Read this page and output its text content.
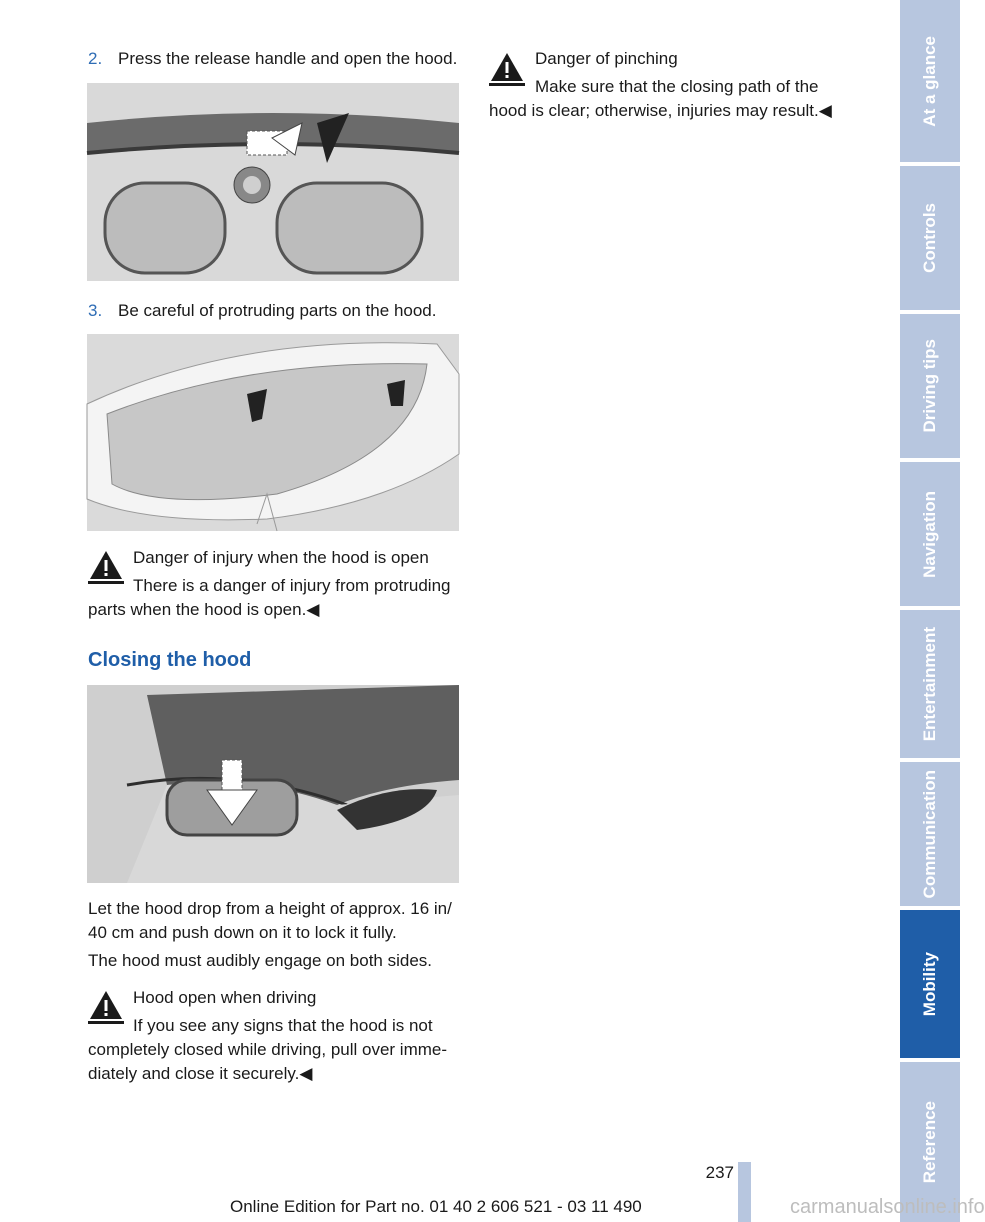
2. Press the release handle and open the hood.
3. Be careful of protruding parts on the hood.
Danger of injury when the hood is open
There is a danger of injury from protruding
parts when the hood is open.◀
Closing the hood
Let the hood drop from a height of approx. 16 in/
40 cm and push down on it to lock it fully.
The hood must audibly engage on both sides.
Hood open when driving
If you see any signs that the hood is not
completely closed while driving, pull over imme-
diately and close it securely.◀
Danger of pinching
Make sure that the closing path of the
hood is clear; otherwise, injuries may result.◀	At a glance
Controls
Driving tips
Navigation
Entertainment
Communication
Mobility
Reference
237
Online Edition for Part no. 01 40 2 606 521 - 03 11 490	carmanualsonline.info
